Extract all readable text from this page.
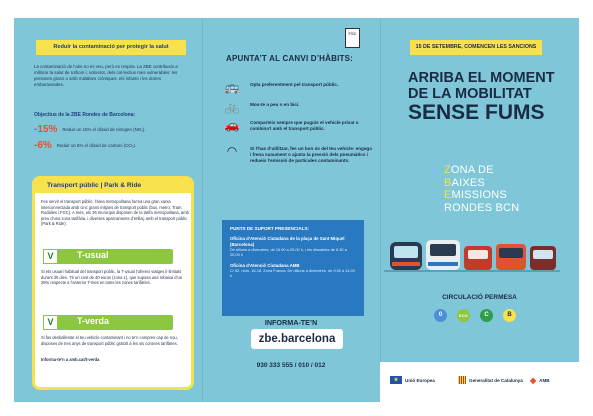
Reduir la contaminació per protegir la salut
La contaminació de l’aire no es veu, però es respira. La ZBE contribueix a millorar la salut de tothom i, sobretot, dels col·lectius més vulnerables: les persones grans o amb malalties cròniques, els infants i les dones embarassades.
Objectius de la ZBE Rondes de Barcelona:
-15% Reduir un 15% el diòxid de nitrogen (NO₂).
-6% Reduir un 6% el diòxid de carboni (CO₂).
Transport públic | Park & Ride
Fes servir el transport públic: l’àrea metropolitana forma una gran xarxa interconnectada amb cinc grans mitjans de transport públic (bus, metro, Tram, Rodalies i FGC). A més, els 36 municipis disposen de la tarifa metropolitana, amb preu d’una zona tarifària, i diverses aparcaments d’enllaç amb el transport públic (Park & Ride).
V	T-usual
Si ets usuari habitual del transport públic, la T-usual t’ofereix viatges il·limitats durant 30 dies. Té un cost de 40 euros (zona 1), que suposa una rebaixa d’un 25% respecte a l’anterior T-mes en totes les zones tarifàries.
V	T-verda
Si fas desballestar el teu vehicle contaminant i no te’n compres cap de nou, disposes de tres anys de transport públic gratuït a les sis corones tarifàries.
Informa-te’n a amb.cat/t-verda
FSC
APUNTA’T AL CANVI D’HÀBITS:
🚌	Opta preferentment pel transport públic.
🚲	Mou-te a peu o en bici.
🚗	Comparteix sempre que puguis el vehicle privat o combina’l amb el transport públic.
◠	Si l’has d’utilitzar, fes un bon ús del teu vehicle: engega i frena suaument o ajusta la pressió dels pneumàtics i redueix l’emissió de partícules contaminants.
PUNTS DE SUPORT PRESENCIALS:
Oficina d’Atenció Ciutadana de la plaça de Sant Miquel (Barcelona)
De dilluns a divendres, de 16.00 a 20.00 h, i els dissabtes de 8.30 a 20.00 h
Oficina d’Atenció Ciutadana AMB
C/ 62, núm. 16-18. Zona Franca. De dilluns a divendres, de 9.00 a 14.00 h
INFORMA-TE’N
zbe.barcelona
930 333 555 / 010 / 012
15 DE SETEMBRE, COMENCEN LES SANCIONS
ARRIBA EL MOMENT
DE LA MOBILITAT
SENSE FUMS
ZONA DE
BAIXES
EMISSIONS
RONDES BCN
CIRCULACIÓ PERMESA
0	ECO	C	B
★	Unió Europea	Generalitat de Catalunya ◆ AMB
